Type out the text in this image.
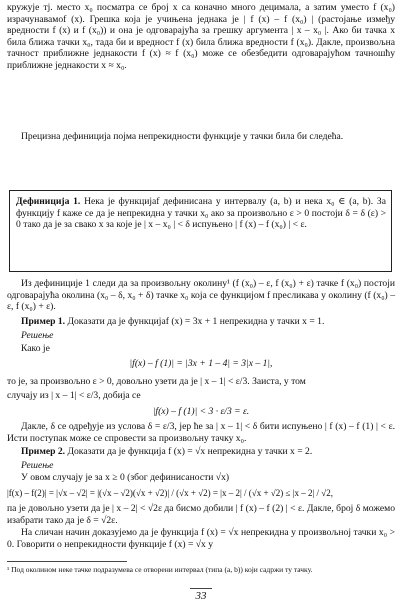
кружује тј. место x₀ посматра се број x са коначно много децимала, а затим уместо f (x₀) израчунавамоf (x). Грешка која је учињена једнака је | f (x) – f (x₀) | (растојање између вредности f (x) и f (x₀)) и она је одговарајућа за грешку аргумента | x – x₀ |. Ако би тачка x била ближа тачки x₀, тада би и вредност f (x) била ближа вредности f (x₀). Дакле, произвољна тачност приближне једнакости f (x) ≈ f (x₀) може се обезбедити одговарајућом тачношћу приближне једнакости x ≈ x₀.

Прецизна дефиниција појма непрекидности функције у тачки била би следећа.

Дефиниција 1. Нека је функцијаf дефинисана у интервалу (a, b) и нека x₀ ∈ (a, b). За функцију f каже се да је непрекидна у тачки x₀ ако за произвољно ε > 0 постоји δ = δ (ε) > 0 тако да је за свако x за које је | x – x₀ | < δ испуњено | f (x) – f (x₀) | < ε.

Из дефиниције 1 следи да за произвољну околину¹ (f (x₀) – ε, f (x₀) + ε) тачке f (x₀) постоји одговарајућа околина (x₀ – δ, x₀ + δ) тачке x₀ која се функцијом f пресликава у околину (f (x₀) – ε, f (x₀) + ε).

Пример 1. Доказати да је функцијаf (x) = 3x + 1 непрекидна у тачки x = 1.

Решење

Како је

|f(x) – f (1)| = |3x + 1 – 4| = 3|x – 1|,

то је, за произвољно ε > 0, довољно узети да је | x – 1| < ε/3. Заиста, у том

случају из | x – 1| < ε/3, добија се

|f(x) – f (1)| < 3 · ε/3 = ε.

Дакле, δ се одређује из услова δ = ε/3, јер ће за | x – 1| < δ бити испуњено | f (x) – f (1) | < ε. Исти поступак може се спровести за произвољну тачку x₀.

Пример 2. Доказати да је функција f (x) = √x непрекидна у тачки x = 2.

Решење

У овом случају је за x ≥ 0 (због дефинисаности √x)

|f(x) – f(2)| = |√x – √2| = |(√x – √2)(√x + √2)| / (√x + √2) = |x – 2| / (√x + √2) ≤ |x – 2| / √2,

па је довољно узети да је | x – 2| < √2ε да бисмо добили | f (x) – f (2) | < ε. Дакле, број δ можемо изабрати тако да је δ = √2ε.

На сличан начин доказујемо да је функција f (x) = √x непрекидна у произвољној тачки x₀ > 0. Говорити о непрекидности функције f (x) = √x у

¹ Под околином неке тачке подразумева се отворени интервал (типа (a, b)) који садржи ту тачку.

33
